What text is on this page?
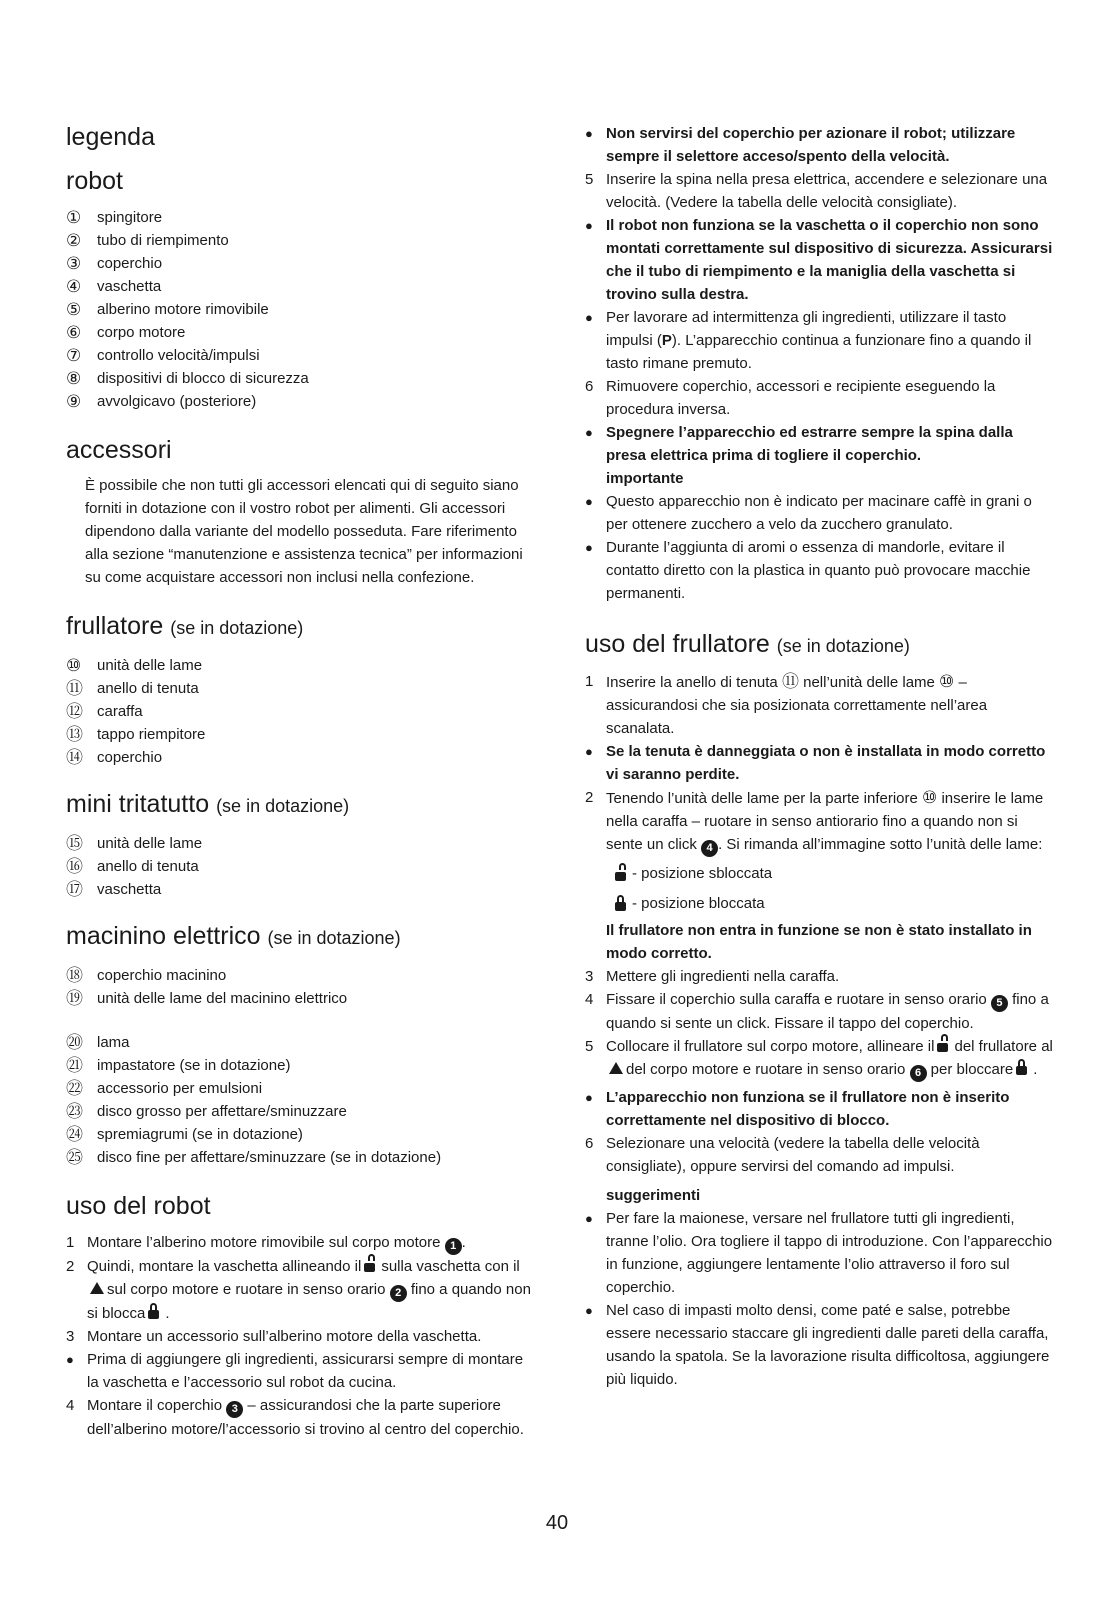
legenda
robot
①	spingitore
②	tubo di riempimento
③	coperchio
④	vaschetta
⑤	alberino motore rimovibile
⑥	corpo motore
⑦	controllo velocità/impulsi
⑧	dispositivi di blocco di sicurezza
⑨	avvolgicavo (posteriore)
accessori

È possibile che non tutti gli accessori elencati qui di seguito siano forniti in dotazione con il vostro robot per alimenti. Gli accessori dipendono dalla variante del modello posseduta. Fare riferimento alla sezione “manutenzione e assistenza tecnica” per informazioni su come acquistare accessori non inclusi nella confezione.

frullatore (se in dotazione)
⑩	unità delle lame
⑪ anello di tenuta
⑫ caraffa
⑬ tappo riempitore
⑭ coperchio
mini tritatutto (se in dotazione)
⑮ unità delle lame
⑯ anello di tenuta
⑰ vaschetta
macinino elettrico (se in dotazione)
⑱ coperchio macinino
⑲ unità delle lame del macinino elettrico
⑳ lama
㉑ impastatore (se in dotazione)
㉒ accessorio per emulsioni
㉓ disco grosso per affettare/sminuzzare
㉔ spremiagrumi (se in dotazione)
㉕ disco fine per affettare/sminuzzare (se in dotazione)
uso del robot
1 Montare l’alberino motore rimovibile sul corpo motore 1 .
2 Quindi, montare la vaschetta allineando il sulla vaschetta con ilsul corpo motore e ruotare in senso orario 2 fino a quando non si blocca .
3 Montare un accessorio sull’alberino motore della vaschetta.
● Prima di aggiungere gli ingredienti, assicurarsi sempre di montare la vaschetta e l’accessorio sul robot da cucina.
4 Montare il coperchio 3 – assicurandosi che la parte superiore dell’alberino motore/l’accessorio si trovino al centro del coperchio.
● Non servirsi del coperchio per azionare il robot; utilizzare sempre il selettore acceso/spento della velocità.
5 Inserire la spina nella presa elettrica, accendere e selezionare una velocità. (Vedere la tabella delle velocità consigliate).
● Il robot non funziona se la vaschetta o il coperchio non sono montati correttamente sul dispositivo di sicurezza. Assicurarsi che il tubo di riempimento e la maniglia della vaschetta si trovino sulla destra.
● Per lavorare ad intermittenza gli ingredienti, utilizzare il tasto impulsi (P). L’apparecchio continua a funzionare fino a quando il tasto rimane premuto.
6 Rimuovere coperchio, accessori e recipiente eseguendo la procedura inversa.
● Spegnere l’apparecchio ed estrarre sempre la spina dalla presa elettrica prima di togliere il coperchio.
importante
● Questo apparecchio non è indicato per macinare caffè in grani o per ottenere zucchero a velo da zucchero granulato.
● Durante l’aggiunta di aromi o essenza di mandorle, evitare il contatto diretto con la plastica in quanto può provocare macchie permanenti.
uso del frullatore (se in dotazione)
1 Inserire la anello di tenuta ⑪ nell’unità delle lame ⑩ – assicurandosi che sia posizionata correttamente nell’area scanalata.
● Se la tenuta è danneggiata o non è installata in modo corretto vi saranno perdite.
2 Tenendo l’unità delle lame per la parte inferiore ⑩ inserire le lame nella caraffa – ruotare in senso antiorario fino a quando non si sente un click 4 . Si rimanda all’immagine sotto l’unità delle lame:
- posizione sbloccata
- posizione bloccata
Il frullatore non entra in funzione se non è stato installato in modo corretto.
3 Mettere gli ingredienti nella caraffa.
4 Fissare il coperchio sulla caraffa e ruotare in senso orario 5 fino a quando si sente un click. Fissare il tappo del coperchio.
5 Collocare il frullatore sul corpo motore, allineare il del frullatore aldel corpo motore e ruotare in senso orario 6 per bloccare .
● L’apparecchio non funziona se il frullatore non è inserito correttamente nel dispositivo di blocco.
6 Selezionare una velocità (vedere la tabella delle velocità consigliate), oppure servirsi del comando ad impulsi.
suggerimenti
● Per fare la maionese, versare nel frullatore tutti gli ingredienti, tranne l’olio. Ora togliere il tappo di introduzione. Con l’apparecchio in funzione, aggiungere lentamente l’olio attraverso il foro sul coperchio.
● Nel caso di impasti molto densi, come paté e salse, potrebbe essere necessario staccare gli ingredienti dalle pareti della caraffa, usando la spatola. Se la lavorazione risulta difficoltosa, aggiungere più liquido.
40
